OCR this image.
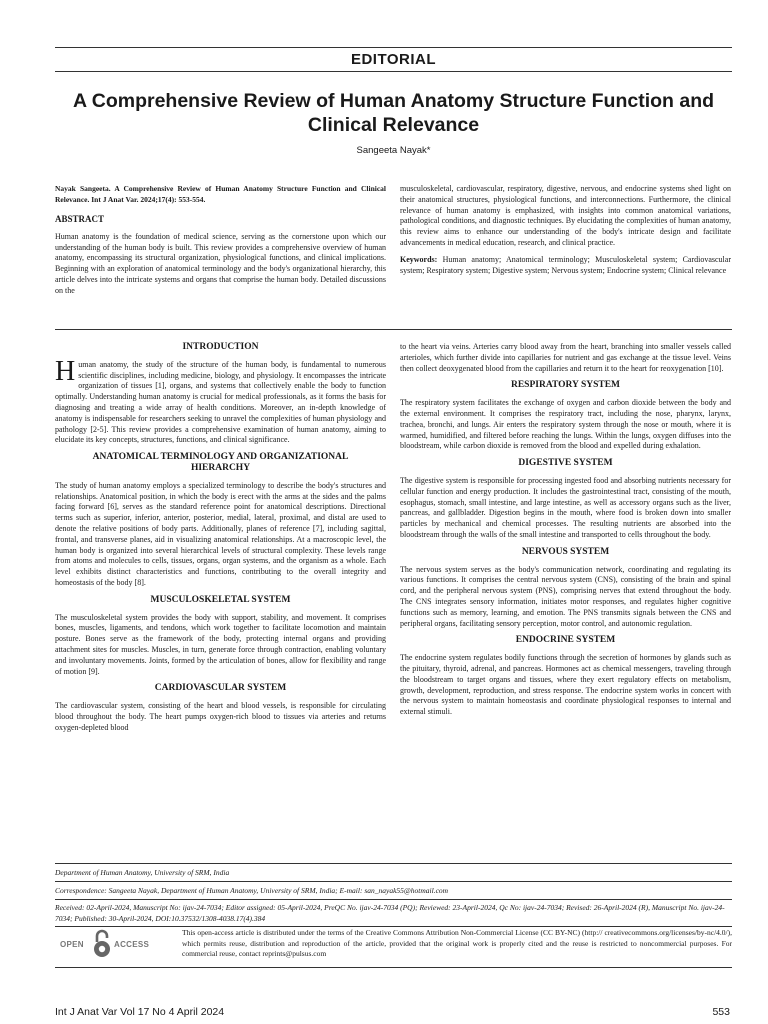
EDITORIAL
A Comprehensive Review of Human Anatomy Structure Function and Clinical Relevance
Sangeeta Nayak*
Nayak Sangeeta. A Comprehensive Review of Human Anatomy Structure Function and Clinical Relevance. Int J Anat Var. 2024;17(4): 553-554.
ABSTRACT

Human anatomy is the foundation of medical science, serving as the cornerstone upon which our understanding of the human body is built. This review provides a comprehensive overview of human anatomy, encompassing its structural organization, physiological functions, and clinical implications. Beginning with an exploration of anatomical terminology and the body's organizational hierarchy, this article delves into the intricate systems and organs that comprise the human body. Detailed discussions on the

musculoskeletal, cardiovascular, respiratory, digestive, nervous, and endocrine systems shed light on their anatomical structures, physiological functions, and interconnections. Furthermore, the clinical relevance of human anatomy is emphasized, with insights into common anatomical variations, pathological conditions, and diagnostic techniques. By elucidating the complexities of human anatomy, this review aims to enhance our understanding of the body's intricate design and facilitate advancements in medical education, research, and clinical practice.

Keywords: Human anatomy; Anatomical terminology; Musculoskeletal system; Cardiovascular system; Respiratory system; Digestive system; Nervous system; Endocrine system; Clinical relevance

INTRODUCTION

Human anatomy, the study of the structure of the human body, is fundamental to numerous scientific disciplines, including medicine, biology, and physiology. It encompasses the intricate organization of tissues [1], organs, and systems that collectively enable the body to function optimally. Understanding human anatomy is crucial for medical professionals, as it forms the basis for diagnosing and treating a wide array of health conditions. Moreover, an in-depth knowledge of anatomy is indispensable for researchers seeking to unravel the complexities of human physiology and pathology [2-5]. This review provides a comprehensive examination of human anatomy, aiming to elucidate its key concepts, structures, functions, and clinical significance.

ANATOMICAL TERMINOLOGY AND ORGANIZATIONAL HIERARCHY

The study of human anatomy employs a specialized terminology to describe the body's structures and relationships. Anatomical position, in which the body is erect with the arms at the sides and the palms facing forward [6], serves as the standard reference point for anatomical descriptions. Directional terms such as superior, inferior, anterior, posterior, medial, lateral, proximal, and distal are used to denote the relative positions of body parts. Additionally, planes of reference [7], including sagittal, frontal, and transverse planes, aid in visualizing anatomical relationships. At a macroscopic level, the human body is organized into several hierarchical levels of structural complexity. These levels range from atoms and molecules to cells, tissues, organs, organ systems, and the organism as a whole. Each level exhibits distinct characteristics and functions, contributing to the overall integrity and homeostasis of the body [8].

MUSCULOSKELETAL SYSTEM

The musculoskeletal system provides the body with support, stability, and movement. It comprises bones, muscles, ligaments, and tendons, which work together to facilitate locomotion and maintain posture. Bones serve as the framework of the body, protecting internal organs and providing attachment sites for muscles. Muscles, in turn, generate force through contraction, enabling voluntary and involuntary movements. Joints, formed by the articulation of bones, allow for flexibility and range of motion [9].

CARDIOVASCULAR SYSTEM

The cardiovascular system, consisting of the heart and blood vessels, is responsible for circulating blood throughout the body. The heart pumps oxygen-rich blood to tissues via arteries and returns oxygen-depleted blood

to the heart via veins. Arteries carry blood away from the heart, branching into smaller vessels called arterioles, which further divide into capillaries for nutrient and gas exchange at the tissue level. Veins then collect deoxygenated blood from the capillaries and return it to the heart for reoxygenation [10].

RESPIRATORY SYSTEM

The respiratory system facilitates the exchange of oxygen and carbon dioxide between the body and the external environment. It comprises the respiratory tract, including the nose, pharynx, larynx, trachea, bronchi, and lungs. Air enters the respiratory system through the nose or mouth, where it is warmed, humidified, and filtered before reaching the lungs. Within the lungs, oxygen diffuses into the bloodstream, while carbon dioxide is removed from the blood and expelled during exhalation.

DIGESTIVE SYSTEM

The digestive system is responsible for processing ingested food and absorbing nutrients necessary for cellular function and energy production. It includes the gastrointestinal tract, consisting of the mouth, esophagus, stomach, small intestine, and large intestine, as well as accessory organs such as the liver, pancreas, and gallbladder. Digestion begins in the mouth, where food is broken down into smaller particles by mechanical and chemical processes. The resulting nutrients are absorbed into the bloodstream through the walls of the small intestine and transported to cells throughout the body.

NERVOUS SYSTEM

The nervous system serves as the body's communication network, coordinating and regulating its various functions. It comprises the central nervous system (CNS), consisting of the brain and spinal cord, and the peripheral nervous system (PNS), comprising nerves that extend throughout the body. The CNS integrates sensory information, initiates motor responses, and regulates higher cognitive functions such as memory, learning, and emotion. The PNS transmits signals between the CNS and peripheral organs, facilitating sensory perception, motor control, and autonomic regulation.

ENDOCRINE SYSTEM

The endocrine system regulates bodily functions through the secretion of hormones by glands such as the pituitary, thyroid, adrenal, and pancreas. Hormones act as chemical messengers, traveling through the bloodstream to target organs and tissues, where they exert regulatory effects on metabolism, growth, development, reproduction, and stress response. The endocrine system works in concert with the nervous system to maintain homeostasis and coordinate physiological responses to internal and external stimuli.

Department of Human Anatomy, University of SRM, India
Correspondence: Sangeeta Nayak, Department of Human Anatomy, University of SRM, India; E-mail: san_nayak55@hotmail.com
Received: 02-April-2024, Manuscript No: ijav-24-7034; Editor assigned: 05-April-2024, PreQC No. ijav-24-7034 (PQ); Reviewed: 23-April-2024, Qc No: ijav-24-7034; Revised: 26-April-2024 (R), Manuscript No. ijav-24-7034; Published: 30-April-2024, DOI:10.37532/1308-4038.17(4).384
OPEN	ACCESS
This open-access article is distributed under the terms of the Creative Commons Attribution Non-Commercial License (CC BY-NC) (http:// creativecommons.org/licenses/by-nc/4.0/), which permits reuse, distribution and reproduction of the article, provided that the original work is properly cited and the reuse is restricted to noncommercial purposes. For commercial reuse, contact reprints@pulsus.com
Int J Anat Var Vol 17 No 4 April 2024	553
